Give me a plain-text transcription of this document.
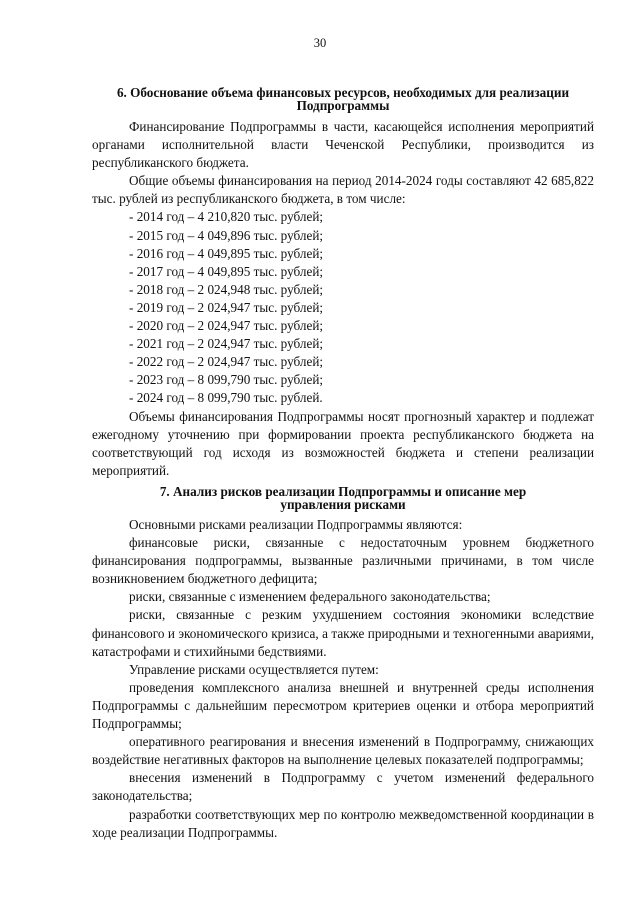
30
6. Обоснование объема финансовых ресурсов, необходимых для реализации
Подпрограммы

Финансирование Подпрограммы в части, касающейся исполнения мероприятий органами исполнительной власти Чеченской Республики, производится из республиканского бюджета.

Общие объемы финансирования на период 2014-2024 годы составляют 42 685,822 тыс. рублей из республиканского бюджета, в том числе:

- 2014 год – 4 210,820 тыс. рублей;

- 2015 год – 4 049,896 тыс. рублей;

- 2016 год – 4 049,895 тыс. рублей;

- 2017 год – 4 049,895 тыс. рублей;

- 2018 год – 2 024,948 тыс. рублей;

- 2019 год – 2 024,947 тыс. рублей;

- 2020 год – 2 024,947 тыс. рублей;

- 2021 год – 2 024,947 тыс. рублей;

- 2022 год – 2 024,947 тыс. рублей;

- 2023 год – 8 099,790 тыс. рублей;

- 2024 год – 8 099,790 тыс. рублей.

Объемы финансирования Подпрограммы носят прогнозный характер и подлежат ежегодному уточнению при формировании проекта республиканского бюджета на соответствующий год исходя из возможностей бюджета и степени реализации мероприятий.

7. Анализ рисков реализации Подпрограммы и описание мер
управления рисками

Основными рисками реализации Подпрограммы являются:

финансовые риски, связанные с недостаточным уровнем бюджетного финансирования подпрограммы, вызванные различными причинами, в том числе возникновением бюджетного дефицита;

риски, связанные с изменением федерального законодательства;

риски, связанные с резким ухудшением состояния экономики вследствие финансового и экономического кризиса, а также природными и техногенными авариями, катастрофами и стихийными бедствиями.

Управление рисками осуществляется путем:

проведения комплексного анализа внешней и внутренней среды исполнения Подпрограммы с дальнейшим пересмотром критериев оценки и отбора мероприятий Подпрограммы;

оперативного реагирования и внесения изменений в Подпрограмму, снижающих воздействие негативных факторов на выполнение целевых показателей подпрограммы;

внесения изменений в Подпрограмму с учетом изменений федерального законодательства;

разработки соответствующих мер по контролю межведомственной координации в ходе реализации Подпрограммы.
